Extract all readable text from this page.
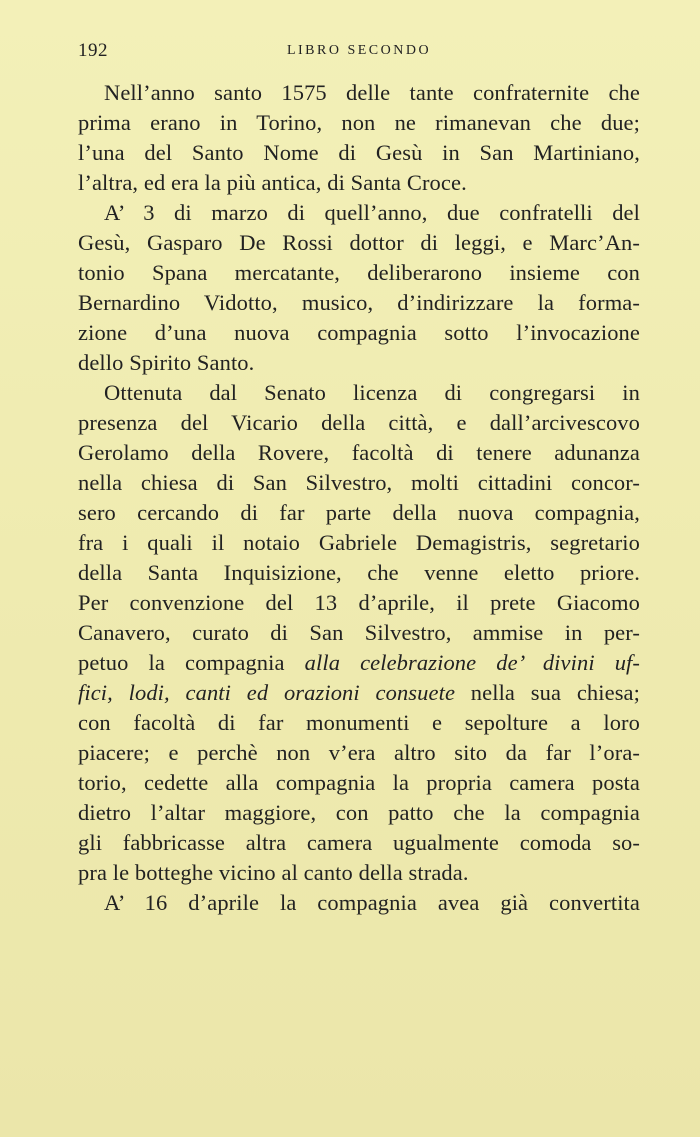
192	LIBRO SECONDO
Nell’anno santo 1575 delle tante confraternite che
prima erano in Torino, non ne rimanevan che due;
l’una del Santo Nome di Gesù in San Martiniano,
l’altra, ed era la più antica, di Santa Croce.
A’ 3 di marzo di quell’anno, due confratelli del
Gesù, Gasparo De Rossi dottor di leggi, e Marc’An-
tonio Spana mercatante, deliberarono insieme con
Bernardino Vidotto, musico, d’indirizzare la forma-
zione d’una nuova compagnia sotto l’invocazione
dello Spirito Santo.
Ottenuta dal Senato licenza di congregarsi in
presenza del Vicario della città, e dall’arcivescovo
Gerolamo della Rovere, facoltà di tenere adunanza
nella chiesa di San Silvestro, molti cittadini concor-
sero cercando di far parte della nuova compagnia,
fra i quali il notaio Gabriele Demagistris, segretario
della Santa Inquisizione, che venne eletto priore.
Per convenzione del 13 d’aprile, il prete Giacomo
Canavero, curato di San Silvestro, ammise in per-
petuo la compagnia alla celebrazione de’ divini uf-
fici, lodi, canti ed orazioni consuete nella sua chiesa;
con facoltà di far monumenti e sepolture a loro
piacere; e perchè non v’era altro sito da far l’ora-
torio, cedette alla compagnia la propria camera posta
dietro l’altar maggiore, con patto che la compagnia
gli fabbricasse altra camera ugualmente comoda so-
pra le botteghe vicino al canto della strada.
A’ 16 d’aprile la compagnia avea già convertita
